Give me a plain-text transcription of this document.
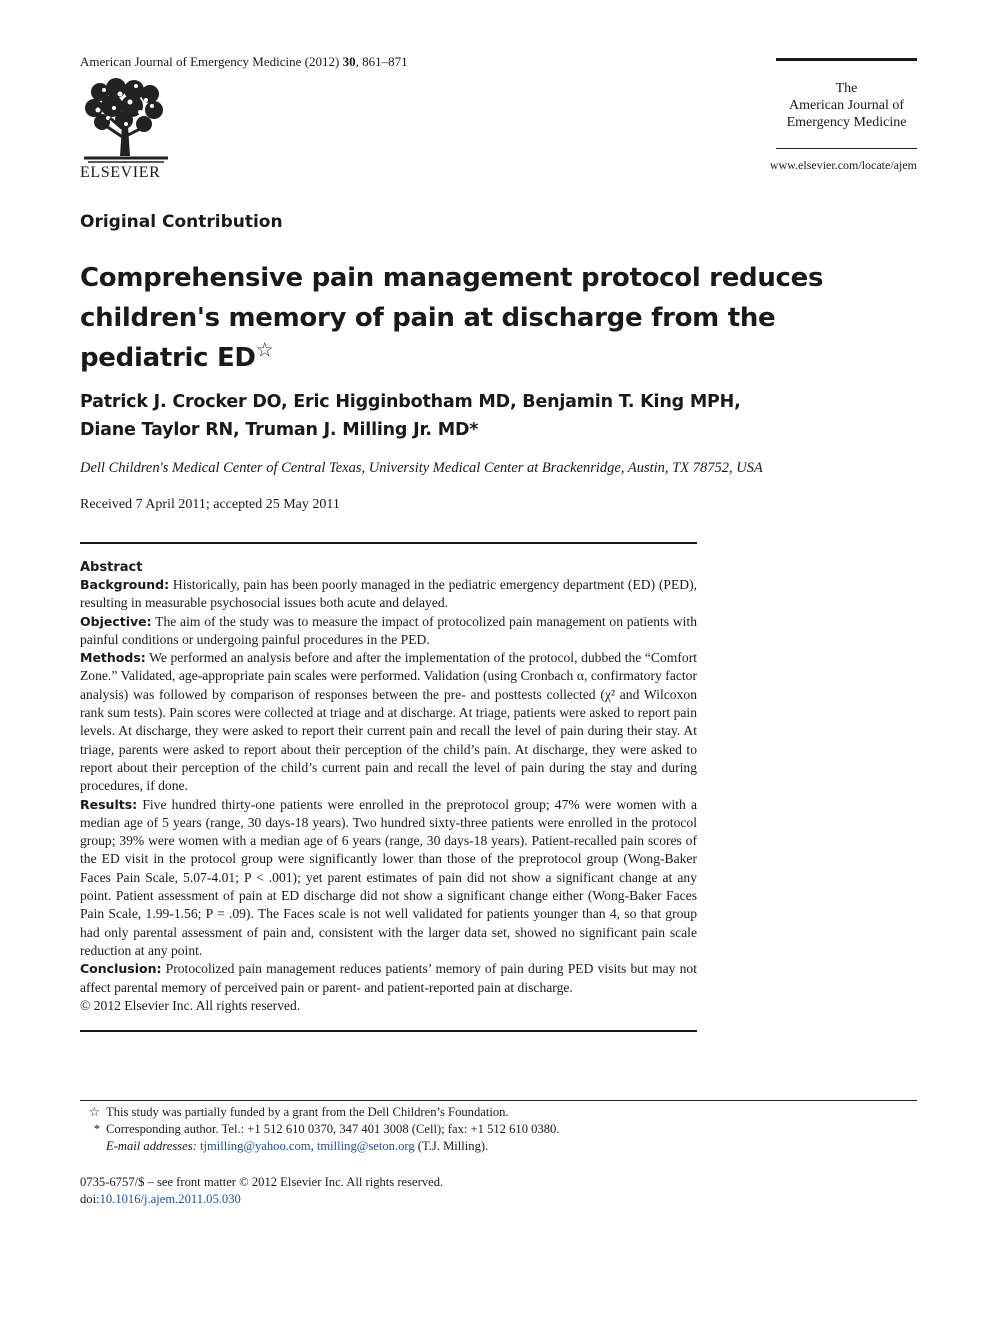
American Journal of Emergency Medicine (2012) 30, 861–871
ELSEVIER
The
American Journal of
Emergency Medicine
www.elsevier.com/locate/ajem
Original Contribution
Comprehensive pain management protocol reduces children's memory of pain at discharge from the pediatric ED☆
Patrick J. Crocker DO, Eric Higginbotham MD, Benjamin T. King MPH,
Diane Taylor RN, Truman J. Milling Jr. MD*
Dell Children's Medical Center of Central Texas, University Medical Center at Brackenridge, Austin, TX 78752, USA
Received 7 April 2011; accepted 25 May 2011
Abstract

Background: Historically, pain has been poorly managed in the pediatric emergency department (ED) (PED), resulting in measurable psychosocial issues both acute and delayed.

Objective: The aim of the study was to measure the impact of protocolized pain management on patients with painful conditions or undergoing painful procedures in the PED.

Methods: We performed an analysis before and after the implementation of the protocol, dubbed the “Comfort Zone.” Validated, age-appropriate pain scales were performed. Validation (using Cronbach α, confirmatory factor analysis) was followed by comparison of responses between the pre- and posttests collected (χ² and Wilcoxon rank sum tests). Pain scores were collected at triage and at discharge. At triage, patients were asked to report pain levels. At discharge, they were asked to report their current pain and recall the level of pain during their stay. At triage, parents were asked to report about their perception of the child’s pain. At discharge, they were asked to report about their perception of the child’s current pain and recall the level of pain during the stay and during procedures, if done.

Results: Five hundred thirty-one patients were enrolled in the preprotocol group; 47% were women with a median age of 5 years (range, 30 days-18 years). Two hundred sixty-three patients were enrolled in the protocol group; 39% were women with a median age of 6 years (range, 30 days-18 years). Patient-recalled pain scores of the ED visit in the protocol group were significantly lower than those of the preprotocol group (Wong-Baker Faces Pain Scale, 5.07-4.01; P < .001); yet parent estimates of pain did not show a significant change at any point. Patient assessment of pain at ED discharge did not show a significant change either (Wong-Baker Faces Pain Scale, 1.99-1.56; P = .09). The Faces scale is not well validated for patients younger than 4, so that group had only parental assessment of pain and, consistent with the larger data set, showed no significant pain scale reduction at any point.

Conclusion: Protocolized pain management reduces patients’ memory of pain during PED visits but may not affect parental memory of perceived pain or parent- and patient-reported pain at discharge.

© 2012 Elsevier Inc. All rights reserved.

☆ This study was partially funded by a grant from the Dell Children’s Foundation.

* Corresponding author. Tel.: +1 512 610 0370, 347 401 3008 (Cell); fax: +1 512 610 0380.

E-mail addresses: tjmilling@yahoo.com, tmilling@seton.org (T.J. Milling).

0735-6757/$ – see front matter © 2012 Elsevier Inc. All rights reserved.

doi:10.1016/j.ajem.2011.05.030
